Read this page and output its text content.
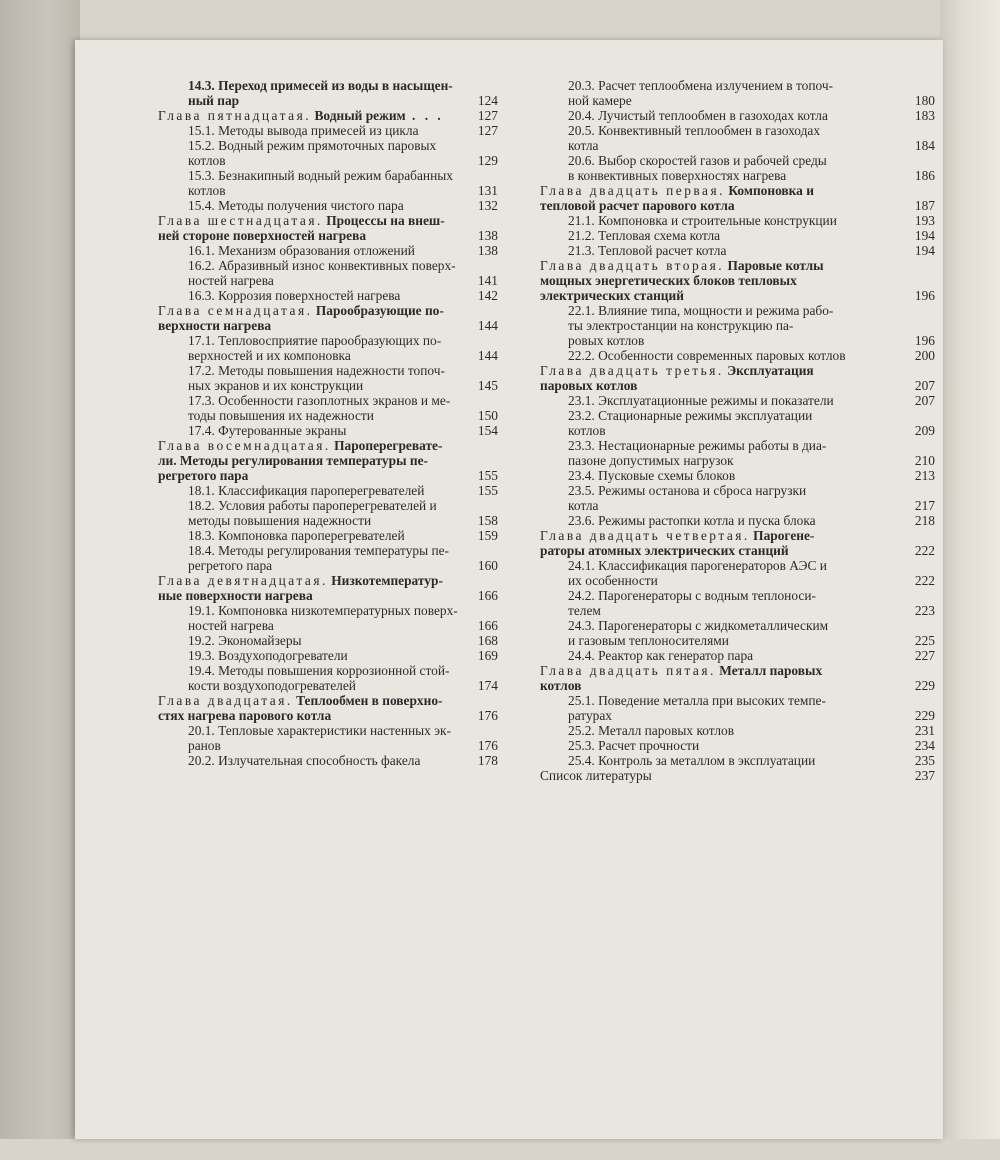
14.3. Переход примесей из воды в насыщен-
ный пар	124
Глава пятнадцатая. Водный режим . . .	127
15.1. Методы вывода примесей из цикла	127
15.2. Водный режим прямоточных паровых
котлов	129
15.3. Безнакипный водный режим барабанных
котлов	131
15.4. Методы получения чистого пара	132
Глава шестнадцатая. Процессы на внеш-
ней стороне поверхностей нагрева	138
16.1. Механизм образования отложений	138
16.2. Абразивный износ конвективных поверх-
ностей нагрева	141
16.3. Коррозия поверхностей нагрева	142
Глава семнадцатая. Парообразующие по-
верхности нагрева	144
17.1. Тепловосприятие парообразующих по-
верхностей и их компоновка	144
17.2. Методы повышения надежности топоч-
ных экранов и их конструкции	145
17.3. Особенности газоплотных экранов и ме-
тоды повышения их надежности	150
17.4. Футерованные экраны	154
Глава восемнадцатая. Пароперегревате-
ли. Методы регулирования температуры пе-
регретого пара	155
18.1. Классификация пароперегревателей	155
18.2. Условия работы пароперегревателей и
методы повышения надежности	158
18.3. Компоновка пароперегревателей	159
18.4. Методы регулирования температуры пе-
регретого пара	160
Глава девятнадцатая. Низкотемператур-
ные поверхности нагрева	166
19.1. Компоновка низкотемпературных поверх-
ностей нагрева	166
19.2. Экономайзеры	168
19.3. Воздухоподогреватели	169
19.4. Методы повышения коррозионной стой-
кости воздухоподогревателей	174
Глава двадцатая. Теплообмен в поверхно-
стях нагрева парового котла	176
20.1. Тепловые характеристики настенных эк-
ранов	176
20.2. Излучательная способность факела	178
20.3. Расчет теплообмена излучением в топоч-
ной камере	180
20.4. Лучистый теплообмен в газоходах котла	183
20.5. Конвективный теплообмен в газоходах
котла	184
20.6. Выбор скоростей газов и рабочей среды
в конвективных поверхностях нагрева	186
Глава двадцать первая. Компоновка и
тепловой расчет парового котла	187
21.1. Компоновка и строительные конструкции	193
21.2. Тепловая схема котла	194
21.3. Тепловой расчет котла	194
Глава двадцать вторая. Паровые котлы
мощных энергетических блоков тепловых
электрических станций	196
22.1. Влияние типа, мощности и режима рабо-
ты электростанции на конструкцию па-
ровых котлов	196
22.2. Особенности современных паровых котлов	200
Глава двадцать третья. Эксплуатация
паровых котлов	207
23.1. Эксплуатационные режимы и показатели	207
23.2. Стационарные режимы эксплуатации
котлов	209
23.3. Нестационарные режимы работы в диа-
пазоне допустимых нагрузок	210
23.4. Пусковые схемы блоков	213
23.5. Режимы останова и сброса нагрузки
котла	217
23.6. Режимы растопки котла и пуска блока	218
Глава двадцать четвертая. Парогене-
раторы атомных электрических станций	222
24.1. Классификация парогенераторов АЭС и
их особенности	222
24.2. Парогенераторы с водным теплоноси-
телем	223
24.3. Парогенераторы с жидкометаллическим
и газовым теплоносителями	225
24.4. Реактор как генератор пара	227
Глава двадцать пятая. Металл паровых
котлов	229
25.1. Поведение металла при высоких темпе-
ратурах	229
25.2. Металл паровых котлов	231
25.3. Расчет прочности	234
25.4. Контроль за металлом в эксплуатации	235
Список литературы	237
